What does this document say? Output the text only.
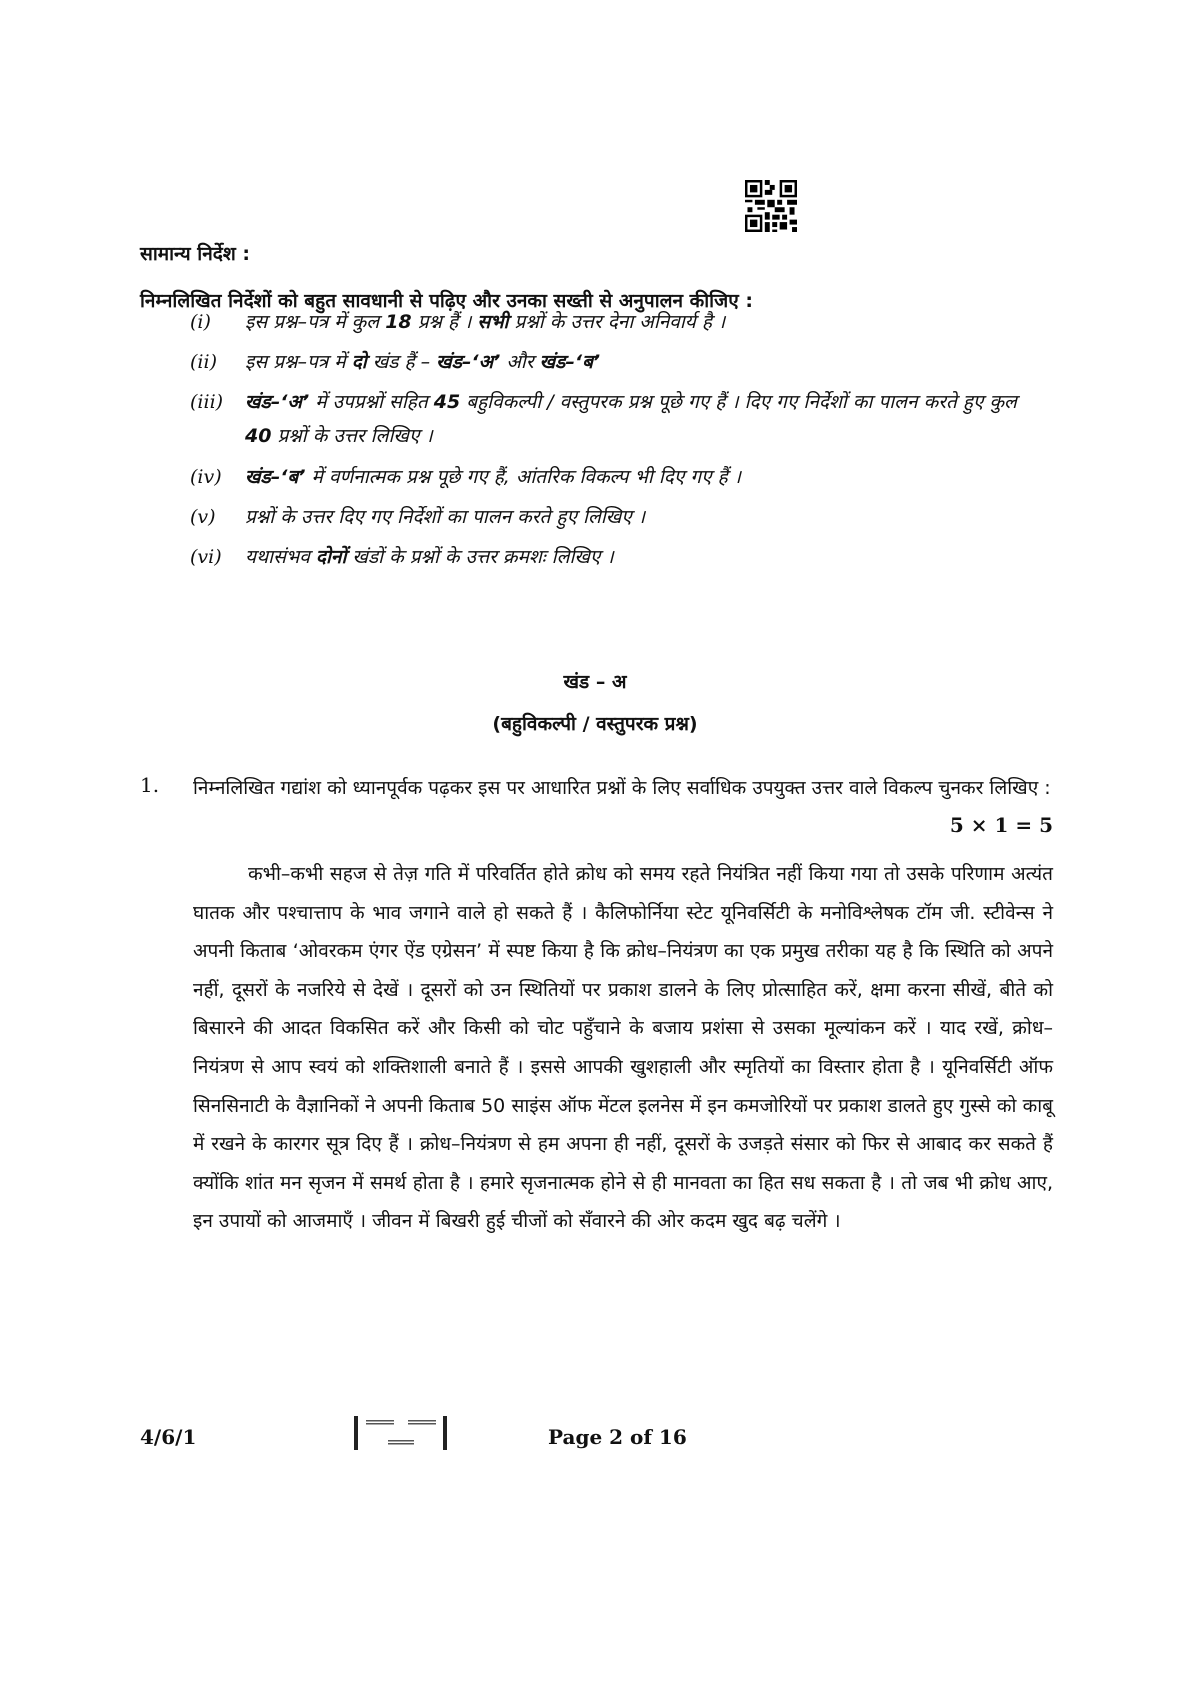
सामान्य निर्देश :
निम्नलिखित निर्देशों को बहुत सावधानी से पढ़िए और उनका सख्ती से अनुपालन कीजिए :
(i)	इस प्रश्न–पत्र में कुल 18 प्रश्न हैं । सभी प्रश्नों के उत्तर देना अनिवार्य है ।
(ii)	इस प्रश्न–पत्र में दो खंड हैं – खंड–‘अ’ और खंड–‘ब’
(iii)	खंड–‘अ’ में उपप्रश्नों सहित 45 बहुविकल्पी / वस्तुपरक प्रश्न पूछे गए हैं । दिए गए निर्देशों का पालन करते हुए कुल 40 प्रश्नों के उत्तर लिखिए ।
(iv)	खंड–‘ब’ में वर्णनात्मक प्रश्न पूछे गए हैं, आंतरिक विकल्प भी दिए गए हैं ।
(v)	प्रश्नों के उत्तर दिए गए निर्देशों का पालन करते हुए लिखिए ।
(vi)	यथासंभव दोनों खंडों के प्रश्नों के उत्तर क्रमशः लिखिए ।
खंड – अ
(बहुविकल्पी / वस्तुपरक प्रश्न)
1. निम्नलिखित गद्यांश को ध्यानपूर्वक पढ़कर इस पर आधारित प्रश्नों के लिए सर्वाधिक उपयुक्त उत्तर वाले विकल्प चुनकर लिखिए :
5 × 1 = 5

कभी–कभी सहज से तेज़ गति में परिवर्तित होते क्रोध को समय रहते नियंत्रित नहीं किया गया तो उसके परिणाम अत्यंत घातक और पश्चात्ताप के भाव जगाने वाले हो सकते हैं । कैलिफोर्निया स्टेट यूनिवर्सिटी के मनोविश्लेषक टॉम जी. स्टीवेन्स ने अपनी किताब ‘ओवरकम एंगर ऐंड एग्रेसन’ में स्पष्ट किया है कि क्रोध–नियंत्रण का एक प्रमुख तरीका यह है कि स्थिति को अपने नहीं, दूसरों के नजरिये से देखें । दूसरों को उन स्थितियों पर प्रकाश डालने के लिए प्रोत्साहित करें, क्षमा करना सीखें, बीते को बिसारने की आदत विकसित करें और किसी को चोट पहुँचाने के बजाय प्रशंसा से उसका मूल्यांकन करें । याद रखें, क्रोध–नियंत्रण से आप स्वयं को शक्तिशाली बनाते हैं । इससे आपकी खुशहाली और स्मृतियों का विस्तार होता है । यूनिवर्सिटी ऑफ सिनसिनाटी के वैज्ञानिकों ने अपनी किताब 50 साइंस ऑफ मेंटल इलनेस में इन कमजोरियों पर प्रकाश डालते हुए गुस्से को काबू में रखने के कारगर सूत्र दिए हैं । क्रोध–नियंत्रण से हम अपना ही नहीं, दूसरों के उजड़ते संसार को फिर से आबाद कर सकते हैं क्योंकि शांत मन सृजन में समर्थ होता है । हमारे सृजनात्मक होने से ही मानवता का हित सध सकता है । तो जब भी क्रोध आए, इन उपायों को आजमाएँ । जीवन में बिखरी हुई चीजों को सँवारने की ओर कदम खुद बढ़ चलेंगे ।

4/6/1	Page 2 of 16
